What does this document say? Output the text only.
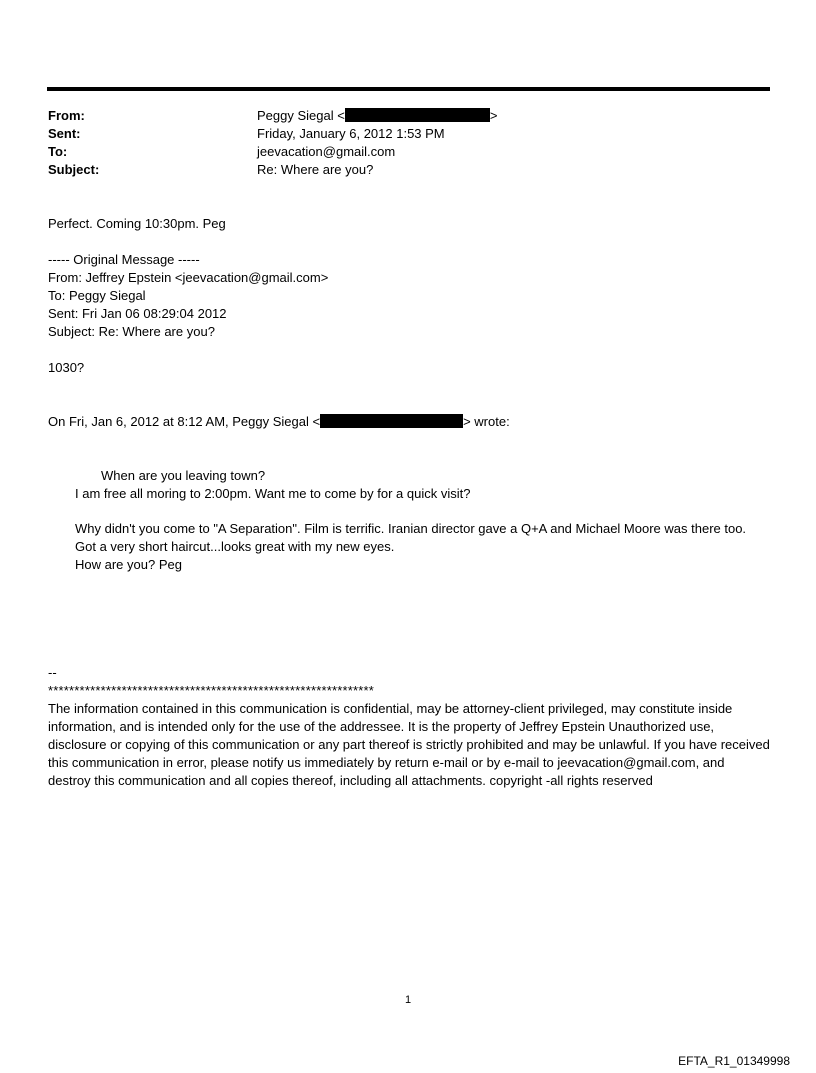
From:	Peggy Siegal <	>
Sent:	Friday, January 6, 2012 1:53 PM
To:	jeevacation@gmail.com
Subject:	Re: Where are you?
Perfect. Coming 10:30pm. Peg
----- Original Message -----
From: Jeffrey Epstein <jeevacation@gmail.com>
To: Peggy Siegal
Sent: Fri Jan 06 08:29:04 2012
Subject: Re: Where are you?
1030?
On Fri, Jan 6, 2012 at 8:12 AM, Peggy Siegal <	> wrote:
When are you leaving town?
I am free all moring to 2:00pm. Want me to come by for a quick visit?
Why didn't you come to "A Separation". Film is terrific. Iranian director gave a Q+A and Michael Moore was there too.
Got a very short haircut...looks great with my new eyes.
How are you? Peg
--
**************************************************************
The information contained in this communication is confidential, may be attorney-client privileged, may constitute inside information, and is intended only for the use of the addressee. It is the property of Jeffrey Epstein Unauthorized use, disclosure or copying of this communication or any part thereof is strictly prohibited and may be unlawful. If you have received this communication in error, please notify us immediately by return e-mail or by e-mail to jeevacation@gmail.com, and destroy this communication and all copies thereof, including all attachments. copyright -all rights reserved
1
EFTA_R1_01349998
